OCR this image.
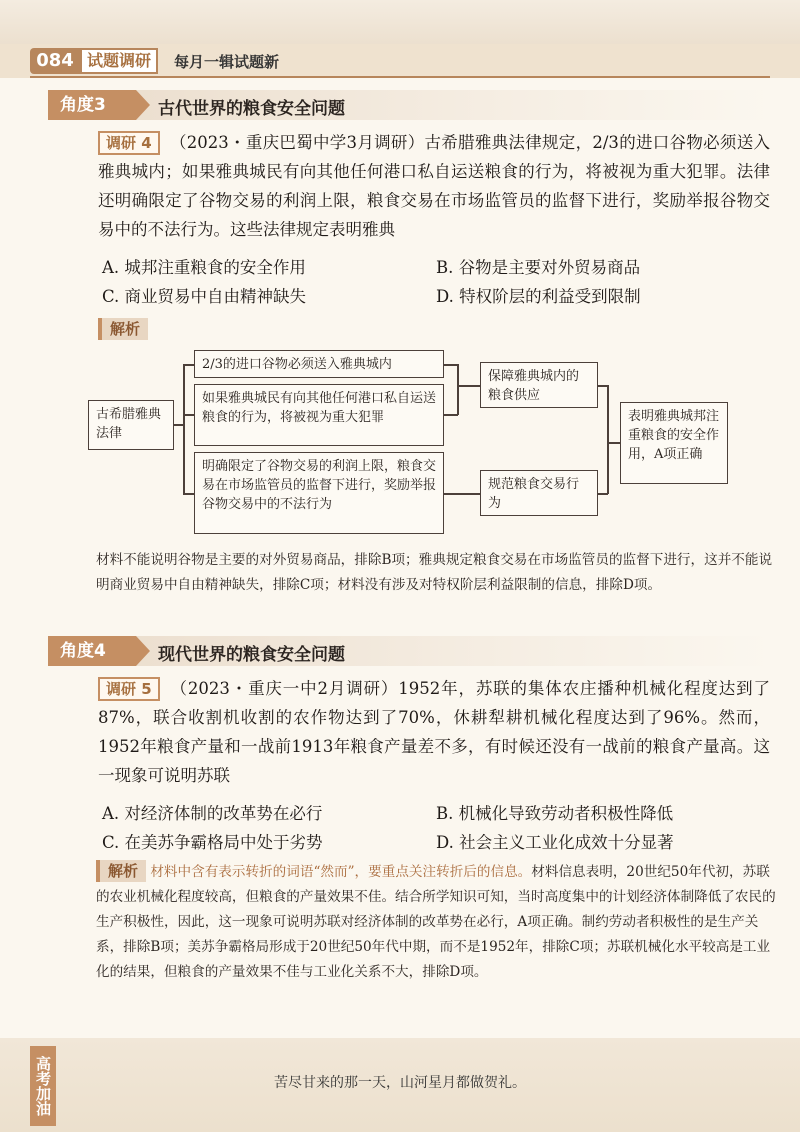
084 试题调研	每月一辑试题新
角度3	古代世界的粮食安全问题
调研 4 （2023・重庆巴蜀中学3月调研）古希腊雅典法律规定，2/3的进口谷物必须送入雅典城内；如果雅典城民有向其他任何港口私自运送粮食的行为，将被视为重大犯罪。法律还明确限定了谷物交易的利润上限，粮食交易在市场监管员的监督下进行，奖励举报谷物交易中的不法行为。这些法律规定表明雅典
A. 城邦注重粮食的安全作用	B. 谷物是主要对外贸易商品
C. 商业贸易中自由精神缺失	D. 特权阶层的利益受到限制
解析
古希腊雅典法律
2/3的进口谷物必须送入雅典城内
如果雅典城民有向其他任何港口私自运送粮食的行为，将被视为重大犯罪
明确限定了谷物交易的利润上限，粮食交易在市场监管员的监督下进行，奖励举报谷物交易中的不法行为
保障雅典城内的粮食供应
规范粮食交易行为
表明雅典城邦注重粮食的安全作用，A项正确
材料不能说明谷物是主要的对外贸易商品，排除B项；雅典规定粮食交易在市场监管员的监督下进行，这并不能说明商业贸易中自由精神缺失，排除C项；材料没有涉及对特权阶层利益限制的信息，排除D项。
角度4	现代世界的粮食安全问题
调研 5 （2023・重庆一中2月调研）1952年，苏联的集体农庄播种机械化程度达到了87%，联合收割机收割的农作物达到了70%，休耕犁耕机械化程度达到了96%。然而，1952年粮食产量和一战前1913年粮食产量差不多，有时候还没有一战前的粮食产量高。这一现象可说明苏联
A. 对经济体制的改革势在必行	B. 机械化导致劳动者积极性降低
C. 在美苏争霸格局中处于劣势	D. 社会主义工业化成效十分显著
解析 材料中含有表示转折的词语“然而”，要重点关注转折后的信息。材料信息表明，20世纪50年代初，苏联的农业机械化程度较高，但粮食的产量效果不佳。结合所学知识可知，当时高度集中的计划经济体制降低了农民的生产积极性，因此，这一现象可说明苏联对经济体制的改革势在必行，A项正确。制约劳动者积极性的是生产关系，排除B项；美苏争霸格局形成于20世纪50年代中期，而不是1952年，排除C项；苏联机械化水平较高是工业化的结果，但粮食的产量效果不佳与工业化关系不大，排除D项。
高考加油	苦尽甘来的那一天，山河星月都做贺礼。
